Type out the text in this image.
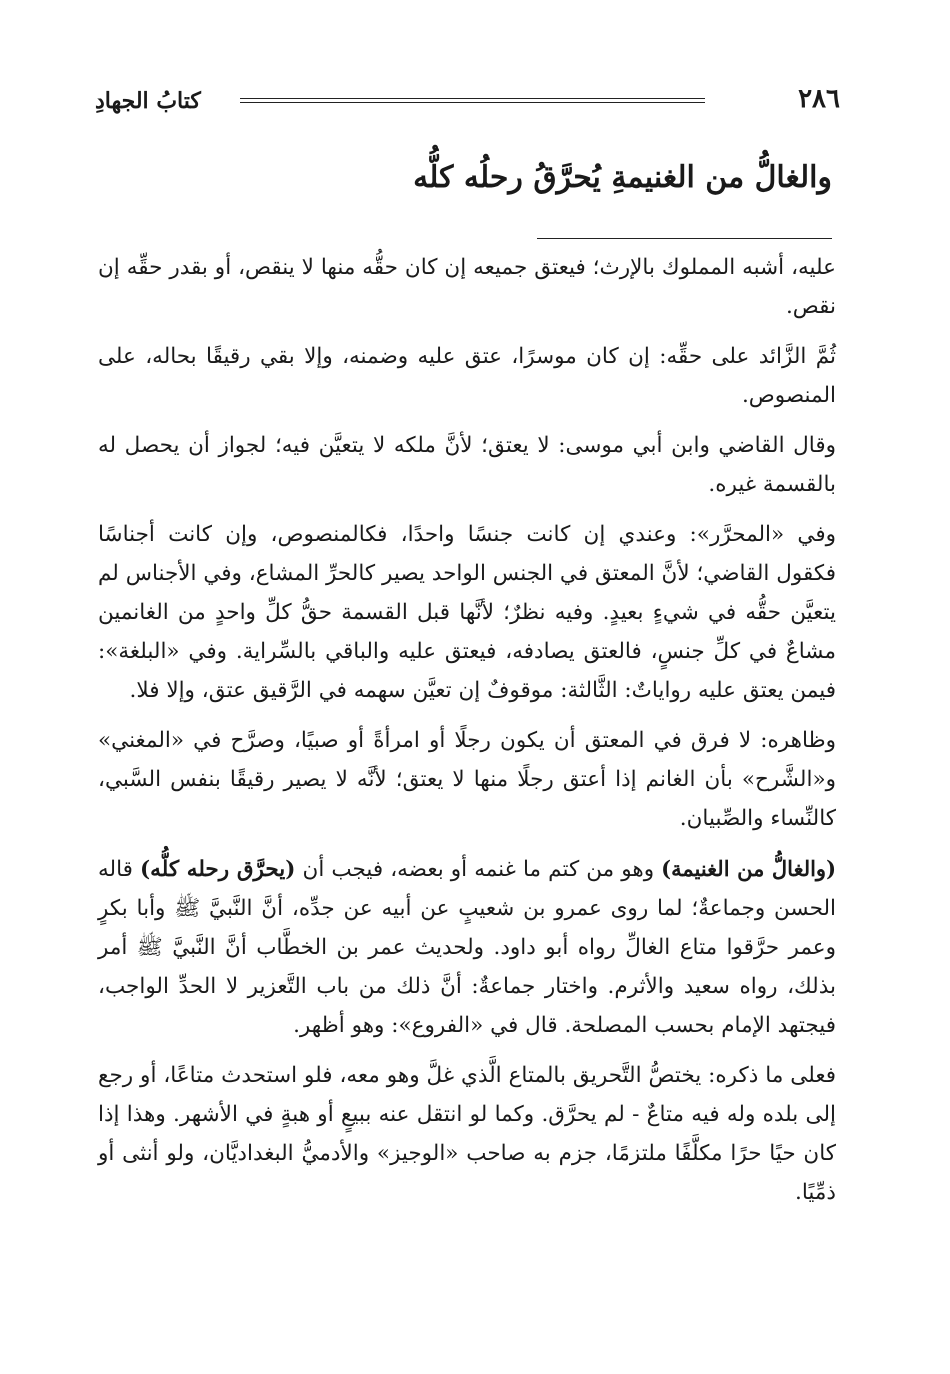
كتابُ الجهادِ	٢٨٦
والغالُّ من الغنيمةِ يُحرَّقُ رحلُه كلُّه

عليه، أشبه المملوك بالإرث؛ فيعتق جميعه إن كان حقُّه منها لا ينقص، أو بقدر حقِّه إن نقص.

ثُمَّ الزَّائد على حقِّه: إن كان موسرًا، عتق عليه وضمنه، وإلا بقي رقيقًا بحاله، على المنصوص.

وقال القاضي وابن أبي موسى: لا يعتق؛ لأنَّ ملكه لا يتعيَّن فيه؛ لجواز أن يحصل له بالقسمة غيره.

وفي «المحرَّر»: وعندي إن كانت جنسًا واحدًا، فكالمنصوص، وإن كانت أجناسًا فكقول القاضي؛ لأنَّ المعتق في الجنس الواحد يصير كالحرِّ المشاع، وفي الأجناس لم يتعيَّن حقُّه في شيءٍ بعيدٍ. وفيه نظرٌ؛ لأنَّها قبل القسمة حقُّ كلِّ واحدٍ من الغانمين مشاعٌ في كلِّ جنسٍ، فالعتق يصادفه، فيعتق عليه والباقي بالسِّراية. وفي «البلغة»: فيمن يعتق عليه رواياتٌ: الثَّالثة: موقوفٌ إن تعيَّن سهمه في الرَّقيق عتق، وإلا فلا.

وظاهره: لا فرق في المعتق أن يكون رجلًا أو امرأةً أو صبيًا، وصرَّح في «المغني» و«الشَّرح» بأن الغانم إذا أعتق رجلًا منها لا يعتق؛ لأنَّه لا يصير رقيقًا بنفس السَّبي، كالنِّساء والصِّبيان.

(والغالُّ من الغنيمة) وهو من كتم ما غنمه أو بعضه، فيجب أن (يحرَّق رحله كلُّه) قاله الحسن وجماعةٌ؛ لما روى عمرو بن شعيبٍ عن أبيه عن جدِّه، أنَّ النَّبيَّ ﷺ وأبا بكرٍ وعمر حرَّقوا متاع الغالِّ رواه أبو داود. ولحديث عمر بن الخطَّاب أنَّ النَّبيَّ ﷺ أمر بذلك، رواه سعيد والأثرم. واختار جماعةٌ: أنَّ ذلك من باب التَّعزير لا الحدِّ الواجب، فيجتهد الإمام بحسب المصلحة. قال في «الفروع»: وهو أظهر.

فعلى ما ذكره: يختصُّ التَّحريق بالمتاع الَّذي غلَّ وهو معه، فلو استحدث متاعًا، أو رجع إلى بلده وله فيه متاعٌ - لم يحرَّق. وكما لو انتقل عنه ببيعٍ أو هبةٍ في الأشهر. وهذا إذا كان حيًا حرًا مكلَّفًا ملتزمًا، جزم به صاحب «الوجيز» والأدميُّ البغداديَّان، ولو أنثى أو ذمِّيًا.
